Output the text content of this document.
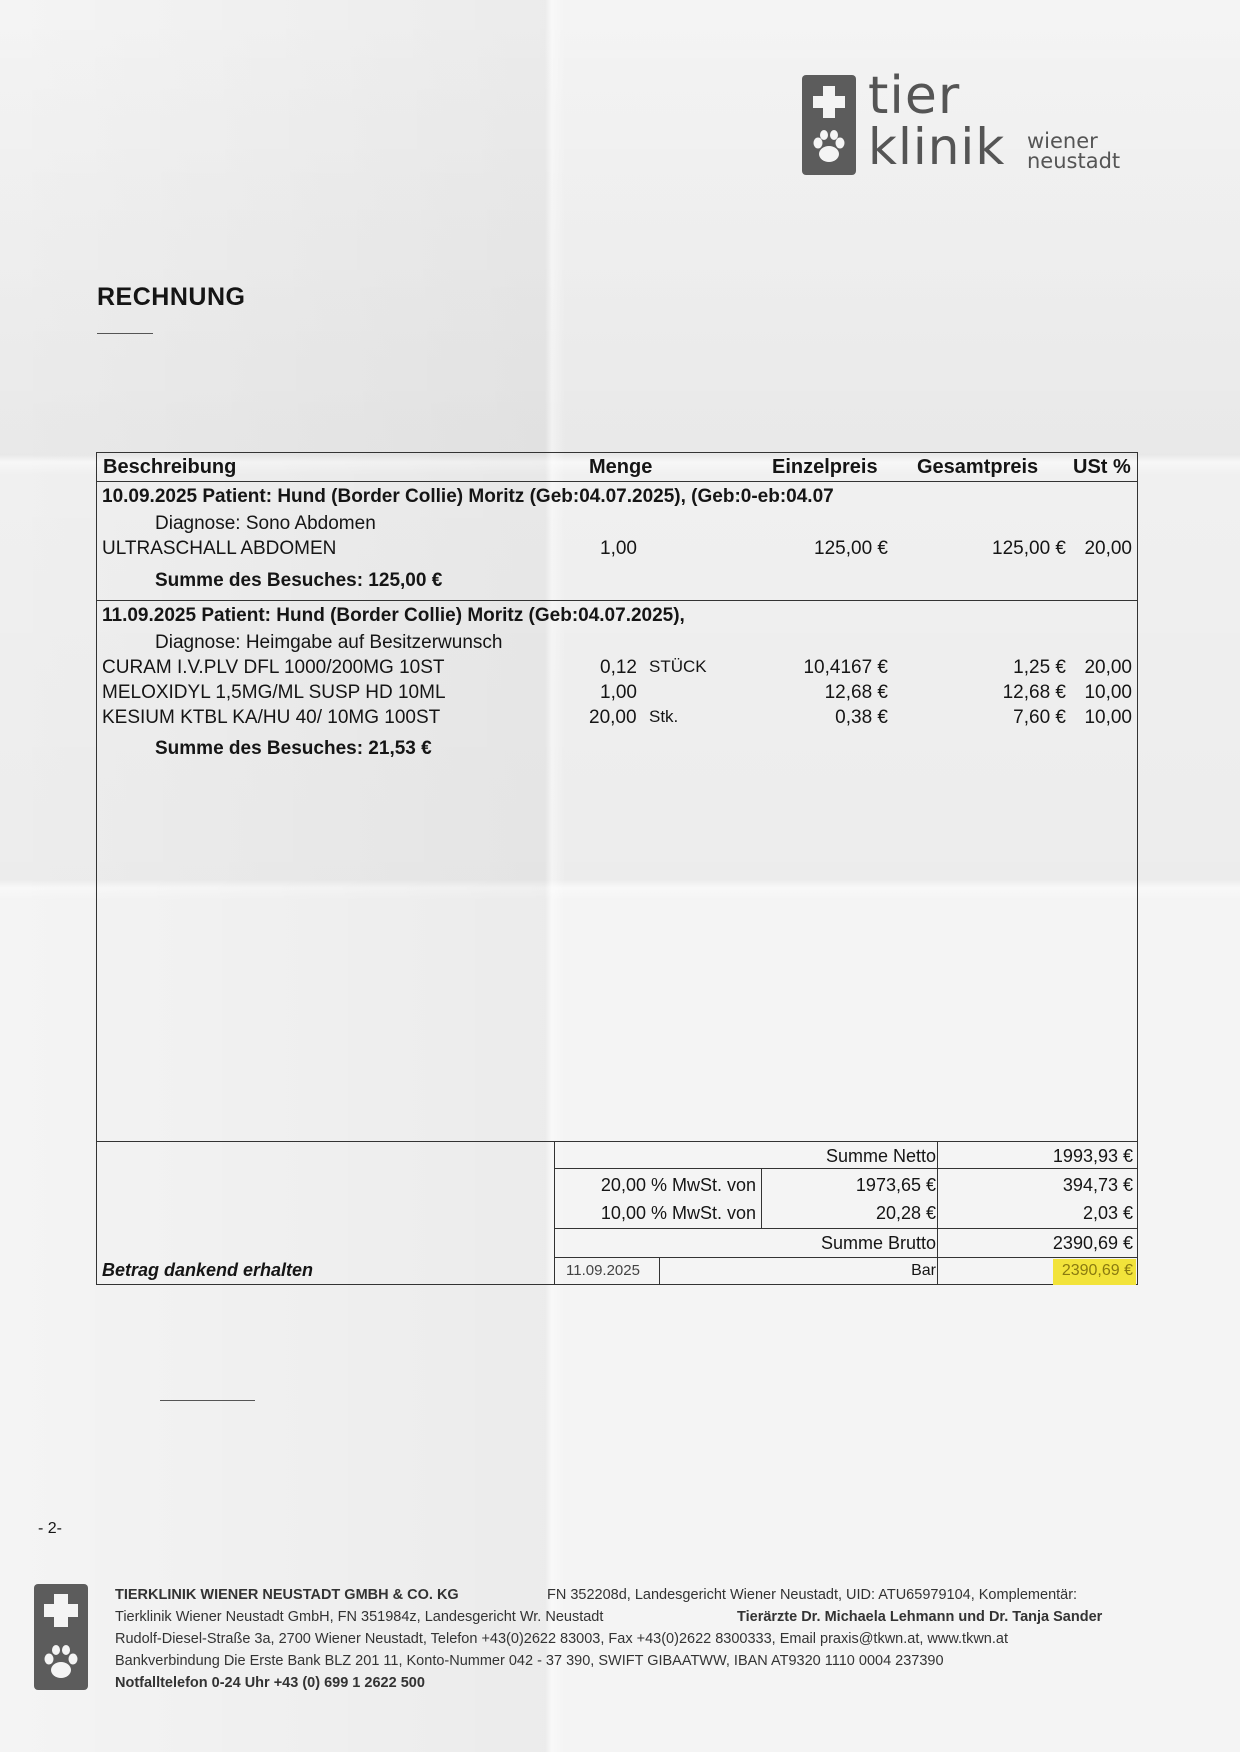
tier
klinik wiener
neustadt
RECHNUNG
Beschreibung	Menge	Einzelpreis Gesamtpreis USt %
10.09.2025 Patient: Hund (Border Collie) Moritz (Geb:04.07.2025), (Geb:0-eb:04.07
Diagnose: Sono Abdomen
ULTRASCHALL ABDOMEN	1,00	125,00 €	125,00 € 20,00
Summe des Besuches: 125,00 €
11.09.2025 Patient: Hund (Border Collie) Moritz (Geb:04.07.2025),
Diagnose: Heimgabe auf Besitzerwunsch
CURAM I.V.PLV DFL 1000/200MG 10ST	0,12 STÜCK	10,4167 €	1,25 € 20,00
MELOXIDYL 1,5MG/ML SUSP HD 10ML	1,00	12,68 €	12,68 € 10,00
KESIUM KTBL KA/HU 40/ 10MG 100ST	20,00 Stk.	0,38 €	7,60 € 10,00
Summe des Besuches: 21,53 €
Summe Netto	1993,93 €
20,00 % MwSt. von	1973,65 €	394,73 €
10,00 % MwSt. von	20,28 €	2,03 €
Summe Brutto	2390,69 €
Betrag dankend erhalten	11.09.2025	Bar	2390,69 €
- 2-
TIERKLINIK WIENER NEUSTADT GMBH & CO. KG	FN 352208d, Landesgericht Wiener Neustadt, UID: ATU65979104, Komplementär:
Tierklinik Wiener Neustadt GmbH, FN 351984z, Landesgericht Wr. Neustadt	Tierärzte Dr. Michaela Lehmann und Dr. Tanja Sander
Rudolf-Diesel-Straße 3a, 2700 Wiener Neustadt, Telefon +43(0)2622 83003, Fax +43(0)2622 8300333, Email praxis@tkwn.at, www.tkwn.at
Bankverbindung Die Erste Bank BLZ 201 11, Konto-Nummer 042 - 37 390, SWIFT GIBAATWW, IBAN AT9320 1110 0004 237390
Notfalltelefon 0-24 Uhr +43 (0) 699 1 2622 500
